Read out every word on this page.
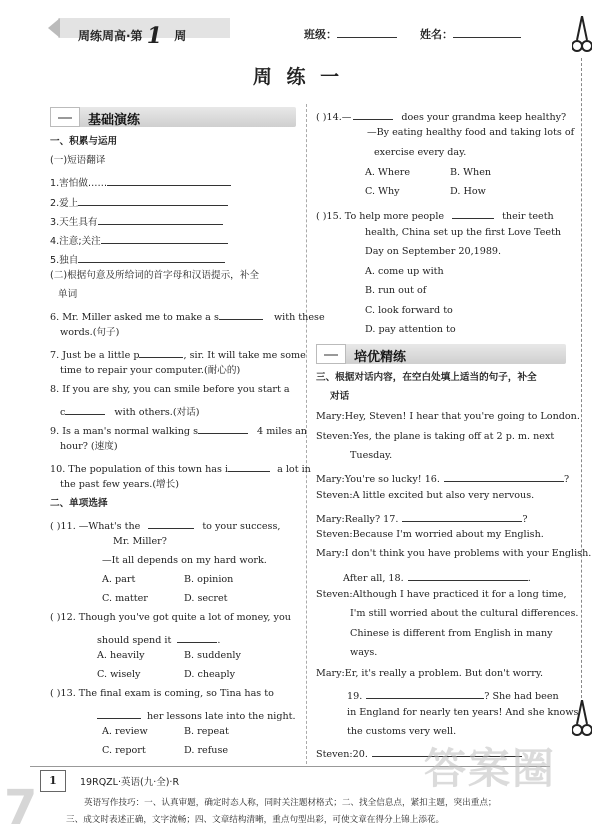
周练周高·第 1 周	班级：	姓名：
周 练 一
基础演练
一、积累与运用
(一)短语翻译
1.害怕做……
2.爱上
3.天生具有
4.注意;关注
5.独自
(二)根据句意及所给词的首字母和汉语提示，补全
单词
6. Mr. Miller asked me to make a s	with these
words.(句子)
7. Just be a little p	, sir. It will take me some
time to repair your computer.(耐心的)
8. If you are shy, you can smile before you start a
c	with others.(对话)
9. Is a man's normal walking s	4 miles an
hour? (速度)
10. The population of this town has i	a lot in
the past few years.(增长)
二、单项选择
( )11. —What's the	to your success,
Mr. Miller?
—It all depends on my hard work.
A. part	B. opinion
C. matter	D. secret
( )12. Though you've got quite a lot of money, you
should spend it	.
A. heavily	B. suddenly
C. wisely	D. cheaply
( )13. The final exam is coming, so Tina has to
her lessons late into the night.
A. review	B. repeat
C. report	D. refuse
( )14.—	does your grandma keep healthy?
—By eating healthy food and taking lots of
exercise every day.
A. Where	B. When
C. Why	D. How
( )15. To help more people	their teeth
health, China set up the first Love Teeth
Day on September 20,1989.
A. come up with
B. run out of
C. look forward to
D. pay attention to
培优精练
三、根据对话内容，在空白处填上适当的句子，补全
对话
Mary:Hey, Steven! I hear that you're going to London.
Steven:Yes, the plane is taking off at 2 p. m. next
Tuesday.
Mary:You're so lucky! 16.	?
Steven:A little excited but also very nervous.
Mary:Really? 17.	?
Steven:Because I'm worried about my English.
Mary:I don't think you have problems with your English.
After all, 18.	.
Steven:Although I have practiced it for a long time,
I'm still worried about the cultural differences.
Chinese is different from English in many
ways.
Mary:Er, it's really a problem. But don't worry.
19.	? She had been
in England for nearly ten years! And she knows
the customs very well.
Steven:20.
1
7	19RQZL·英语(九·全)·R
英语写作技巧：一、认真审题，确定时态人称，同时关注题材格式；二、找全信息点，紧扣主题，突出重点；
三、成文时表述正确，文字流畅；四、文章结构清晰，重点句型出彩，可使文章在得分上锦上添花。
答案圈
